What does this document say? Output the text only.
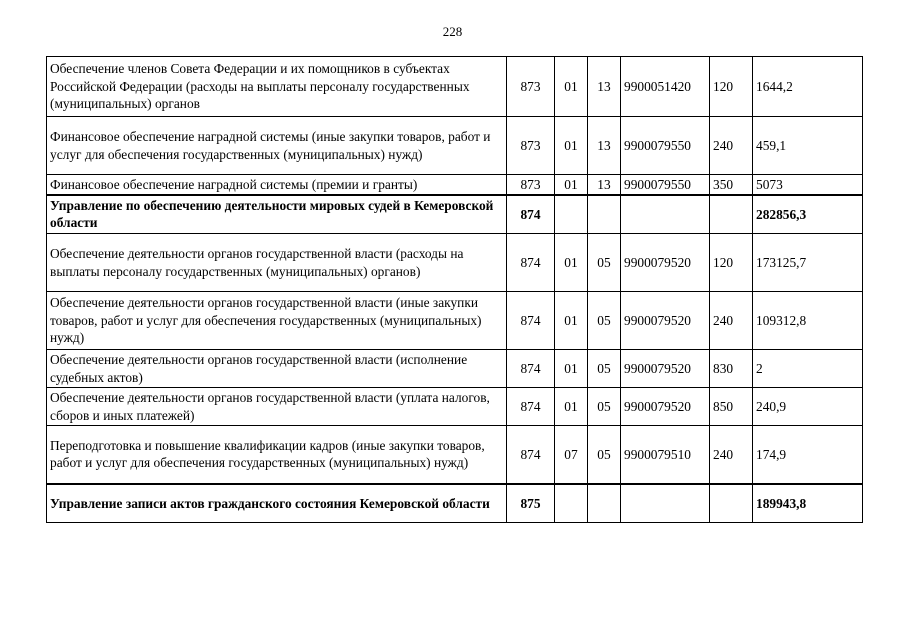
228
Обеспечение членов Совета Федерации и их помощников в субъектах Российской Федерации (расходы на выплаты персоналу государственных (муниципальных) органов	873	01	13	9900051420	120	1644,2
Финансовое обеспечение наградной системы (иные закупки товаров, работ и услуг для обеспечения государственных (муниципальных) нужд)	873	01	13	9900079550	240	459,1
Финансовое обеспечение наградной системы (премии и гранты)	873	01	13	9900079550	350	5073
Управление по обеспечению деятельности мировых судей в Кемеровской области	874					282856,3
Обеспечение деятельности органов государственной власти (расходы на выплаты персоналу государственных (муниципальных) органов)	874	01	05	9900079520	120	173125,7
Обеспечение деятельности органов государственной власти (иные закупки товаров, работ и услуг для обеспечения государственных (муниципальных) нужд)	874	01	05	9900079520	240	109312,8
Обеспечение деятельности органов государственной власти (исполнение судебных актов)	874	01	05	9900079520	830	2
Обеспечение деятельности органов государственной власти (уплата налогов, сборов и иных платежей)	874	01	05	9900079520	850	240,9
Переподготовка и повышение квалификации кадров (иные закупки товаров, работ и услуг для обеспечения государственных (муниципальных) нужд)	874	07	05	9900079510	240	174,9
Управление записи актов гражданского состояния Кемеровской области	875					189943,8
